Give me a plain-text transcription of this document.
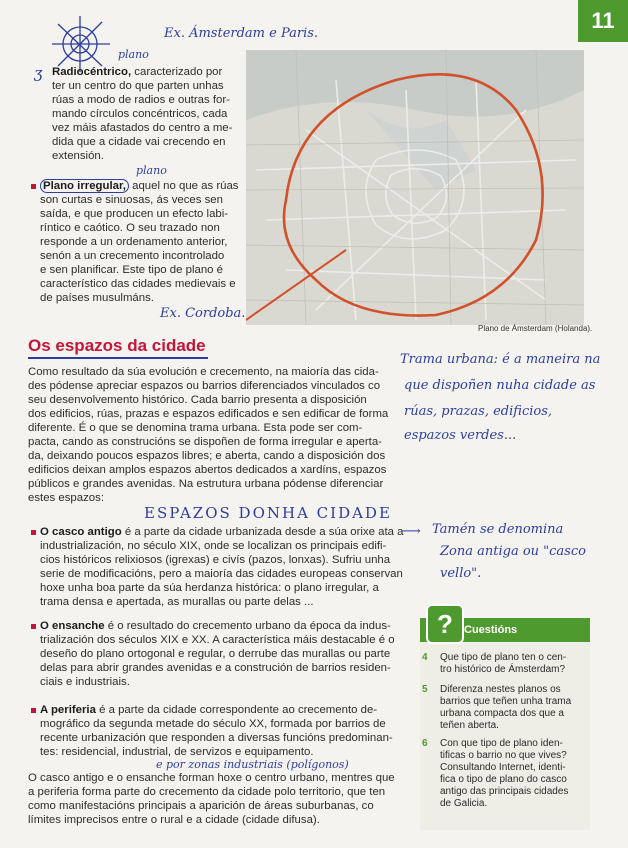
11
Ex. Ámsterdam e Paris.
plano
ʒ Radiocéntrico, caracterizado por
ter un centro do que parten unhas
rúas a modo de radios e outras for-
mando círculos concéntricos, cada
vez máis afastados do centro a me-
dida que a cidade vai crecendo en
extensión.
plano
Plano irregular, aquel no que as rúas
son curtas e sinuosas, ás veces sen
saída, e que producen un efecto labi-
ríntico e caótico. O seu trazado non
responde a un ordenamento anterior,
senón a un crecemento incontrolado
e sen planificar. Este tipo de plano é
característico das cidades medievais e
de países musulmáns.
Ex. Cordoba.
Plano de Ámsterdam (Holanda).
Os espazos da cidade
Como resultado da súa evolución e crecemento, na maioría das cida-
des pódense apreciar espazos ou barrios diferenciados vinculados co
seu desenvolvemento histórico. Cada barrio presenta a disposición
dos edificios, rúas, prazas e espazos edificados e sen edificar de forma
diferente. É o que se denomina trama urbana. Esta pode ser com-
pacta, cando as construcións se dispoñen de forma irregular e aperta-
da, deixando poucos espazos libres; e aberta, cando a disposición dos
edificios deixan amplos espazos abertos dedicados a xardíns, espazos
públicos e grandes avenidas. Na estrutura urbana pódense diferenciar
estes espazos:
Trama urbana: é a maneira na
que dispoñen nuha cidade as
rúas, prazas, edificios,
espazos verdes...
ESPAZOS DONHA CIDADE
O casco antigo é a parte da cidade urbanizada desde a súa orixe ata a
industrialización, no século XIX, onde se localizan os principais edifi-
cios históricos relixiosos (igrexas) e civís (pazos, lonxas). Sufriu unha
serie de modificacións, pero a maioría das cidades europeas conservan
hoxe unha boa parte da súa herdanza histórica: o plano irregular, a
trama densa e apertada, as murallas ou parte delas ...
⟶ Tamén se denomina
Zona antiga ou "casco
vello".
O ensanche é o resultado do crecemento urbano da época da indus-
trialización dos séculos XIX e XX. A característica máis destacable é o
deseño do plano ortogonal e regular, o derrube das murallas ou parte
delas para abrir grandes avenidas e a construción de barrios residen-
ciais e industriais.
A periferia é a parte da cidade correspondente ao crecemento de-
mográfico da segunda metade do século XX, formada por barrios de
recente urbanización que responden a diversas funcións predominan-
tes: residencial, industrial, de servizos e equipamento.
e por zonas industriais (polígonos)
O casco antigo e o ensanche forman hoxe o centro urbano, mentres que
a periferia forma parte do crecemento da cidade polo territorio, que ten
como manifestacións principais a aparición de áreas suburbanas, co
límites imprecisos entre o rural e a cidade (cidade difusa).
?	Cuestións
4 Que tipo de plano ten o cen-
tro histórico de Ámsterdam?
5 Diferenza nestes planos os
barrios que teñen unha trama
urbana compacta dos que a
teñen aberta.
6 Con que tipo de plano iden-
tificas o barrio no que vives?
Consultando Internet, identi-
fica o tipo de plano do casco
antigo das principais cidades
de Galicia.
